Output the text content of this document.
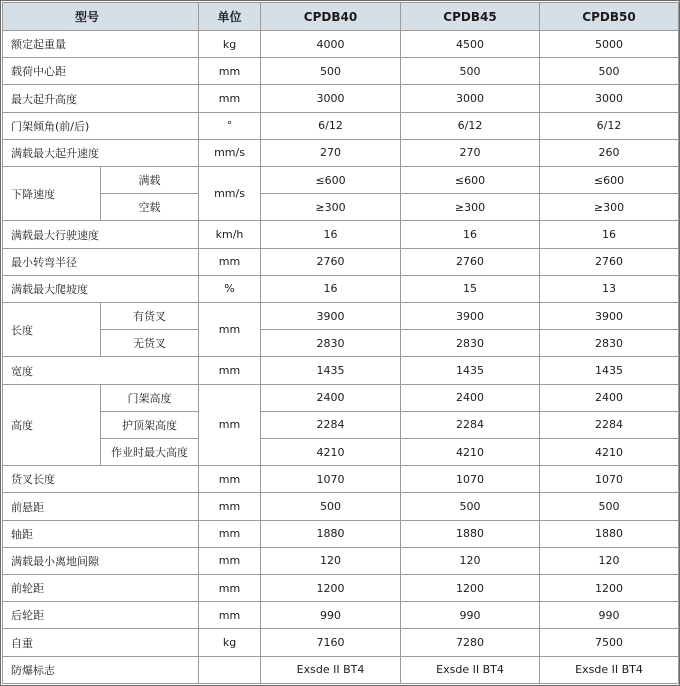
型号		单位	CPDB40	CPDB45	CPDB50
额定起重量		kg	4000	4500	5000
载荷中心距		mm	500	500	500
最大起升高度		mm	3000	3000	3000
门架倾角(前/后)		°	6/12	6/12	6/12
满载最大起升速度		mm/s	270	270	260
下降速度	满载	mm/s	≤600	≤600	≤600
	空载		≥300	≥300	≥300
满载最大行驶速度		km/h	16	16	16
最小转弯半径		mm	2760	2760	2760
满载最大爬坡度		%	16	15	13
长度	有货叉	mm	3900	3900	3900
	无货叉		2830	2830	2830
宽度		mm	1435	1435	1435
高度	门架高度	mm	2400	2400	2400
	护顶架高度		2284	2284	2284
	作业时最大高度		4210	4210	4210
货叉长度		mm	1070	1070	1070
前悬距		mm	500	500	500
轴距		mm	1880	1880	1880
满载最小离地间隙		mm	120	120	120
前轮距		mm	1200	1200	1200
后轮距		mm	990	990	990
自重		kg	7160	7280	7500
防爆标志			Exsde II BT4	Exsde II BT4	Exsde II BT4
